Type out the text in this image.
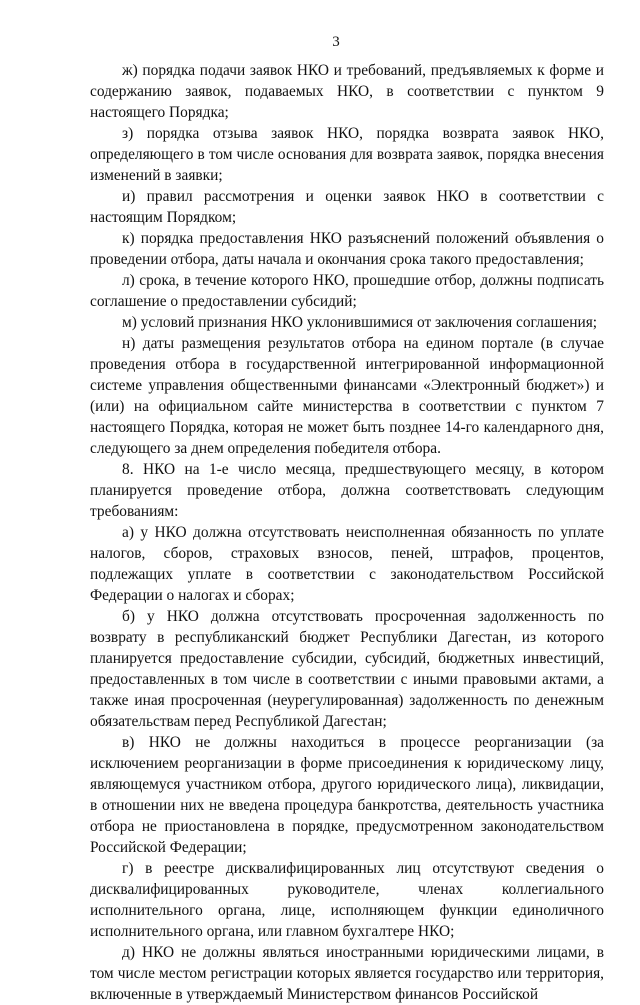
3

ж) порядка подачи заявок НКО и требований, предъявляемых к форме и содержанию заявок, подаваемых НКО, в соответствии с пунктом 9 настоящего Порядка;

з) порядка отзыва заявок НКО, порядка возврата заявок НКО, определяющего в том числе основания для возврата заявок, порядка внесения изменений в заявки;

и) правил рассмотрения и оценки заявок НКО в соответствии с настоящим Порядком;

к) порядка предоставления НКО разъяснений положений объявления о проведении отбора, даты начала и окончания срока такого предоставления;

л) срока, в течение которого НКО, прошедшие отбор, должны подписать соглашение о предоставлении субсидий;

м) условий признания НКО уклонившимися от заключения соглашения;

н) даты размещения результатов отбора на едином портале (в случае проведения отбора в государственной интегрированной информационной системе управления общественными финансами «Электронный бюджет») и (или) на официальном сайте министерства в соответствии с пунктом 7 настоящего Порядка, которая не может быть позднее 14-го календарного дня, следующего за днем определения победителя отбора.

8. НКО на 1-е число месяца, предшествующего месяцу, в котором планируется проведение отбора, должна соответствовать следующим требованиям:

а) у НКО должна отсутствовать неисполненная обязанность по уплате налогов, сборов, страховых взносов, пеней, штрафов, процентов, подлежащих уплате в соответствии с законодательством Российской Федерации о налогах и сборах;

б) у НКО должна отсутствовать просроченная задолженность по возврату в республиканский бюджет Республики Дагестан, из которого планируется предоставление субсидии, субсидий, бюджетных инвестиций, предоставленных в том числе в соответствии с иными правовыми актами, а также иная просроченная (неурегулированная) задолженность по денежным обязательствам перед Республикой Дагестан;

в) НКО не должны находиться в процессе реорганизации (за исключением реорганизации в форме присоединения к юридическому лицу, являющемуся участником отбора, другого юридического лица), ликвидации, в отношении них не введена процедура банкротства, деятельность участника отбора не приостановлена в порядке, предусмотренном законодательством Российской Федерации;

г) в реестре дисквалифицированных лиц отсутствуют сведения о дисквалифицированных руководителе, членах коллегиального исполнительного органа, лице, исполняющем функции единоличного исполнительного органа, или главном бухгалтере НКО;

д) НКО не должны являться иностранными юридическими лицами, в том числе местом регистрации которых является государство или территория, включенные в утверждаемый Министерством финансов Российской
